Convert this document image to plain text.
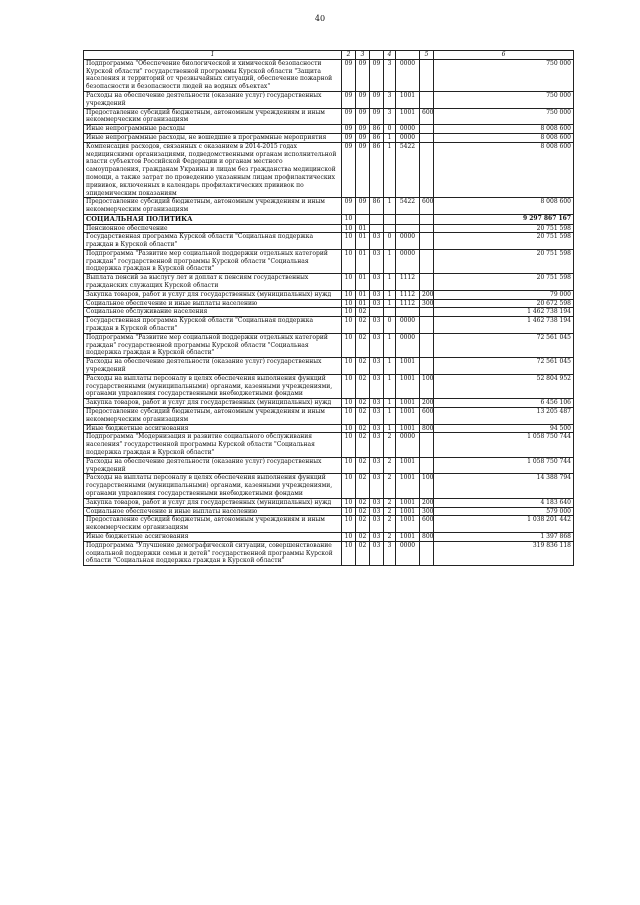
40
1	2	3		4		5	6
Подпрограмма "Обеспечение биологической и химической безопасности Курской области" государственной программы Курской области "Защита населения и территорий от чрезвычайных ситуаций, обеспечение пожарной безопасности и безопасности людей на водных объектах"	09	09	09	3	0000		750 000
Расходы на обеспечение деятельности (оказание услуг) государственных учреждений	09	09	09	3	1001		750 000
Предоставление субсидий бюджетным, автономным учреждениям и иным некоммерческим организациям	09	09	09	3	1001	600	750 000
Иные непрограммные расходы	09	09	86	0	0000		8 008 600
Иные непрограммные расходы, не вошедшие в программные мероприятия	09	09	86	1	0000		8 008 600
Компенсация расходов, связанных с оказанием в 2014-2015 годах медицинскими организациями, подведомственными органам исполнительной власти субъектов Российской Федерации и органам местного самоуправления, гражданам Украины и лицам без гражданства медицинской помощи, а также затрат по проведению указанным лицам профилактических прививок, включенных в календарь профилактических прививок по эпидемическим показаниям	09	09	86	1	5422		8 008 600
Предоставление субсидий бюджетным, автономным учреждениям и иным некоммерческим организациям	09	09	86	1	5422	600	8 008 600
СОЦИАЛЬНАЯ ПОЛИТИКА	10						9 297 867 167
Пенсионное обеспечение	10	01					20 751 598
Государственная программа Курской области "Социальная поддержка граждан в Курской области"	10	01	03	0	0000		20 751 598
Подпрограмма "Развитие мер социальной поддержки отдельных категорий граждан" государственной программы Курской области "Социальная поддержка граждан в Курской области"	10	01	03	1	0000		20 751 598
Выплата пенсий за выслугу лет и доплат к пенсиям государственных гражданских служащих Курской области	10	01	03	1	1112		20 751 598
Закупка товаров, работ и услуг для государственных (муниципальных) нужд	10	01	03	1	1112	200	79 000
Социальное обеспечение и иные выплаты населению	10	01	03	1	1112	300	20 672 598
Социальное обслуживание населения	10	02					1 462 738 194
Государственная программа Курской области "Социальная поддержка граждан в Курской области"	10	02	03	0	0000		1 462 738 194
Подпрограмма "Развитие мер социальной поддержки отдельных категорий граждан" государственной программы Курской области "Социальная поддержка граждан в Курской области"	10	02	03	1	0000		72 561 045
Расходы на обеспечение деятельности (оказание услуг) государственных учреждений	10	02	03	1	1001		72 561 045
Расходы на выплаты персоналу в целях обеспечения выполнения функций государственными (муниципальными) органами, казенными учреждениями, органами управления государственными внебюджетными фондами	10	02	03	1	1001	100	52 804 952
Закупка товаров, работ и услуг для государственных (муниципальных) нужд	10	02	03	1	1001	200	6 456 106
Предоставление субсидий бюджетным, автономным учреждениям и иным некоммерческим организациям	10	02	03	1	1001	600	13 205 487
Иные бюджетные ассигнования	10	02	03	1	1001	800	94 500
Подпрограмма "Модернизация и развитие социального обслуживания населения" государственной программы Курской области "Социальная поддержка граждан в Курской области"	10	02	03	2	0000		1 058 750 744
Расходы на обеспечение деятельности (оказание услуг) государственных учреждений	10	02	03	2	1001		1 058 750 744
Расходы на выплаты персоналу в целях обеспечения выполнения функций государственными (муниципальными) органами, казенными учреждениями, органами управления государственными внебюджетными фондами	10	02	03	2	1001	100	14 388 794
Закупка товаров, работ и услуг для государственных (муниципальных) нужд	10	02	03	2	1001	200	4 183 640
Социальное обеспечение и иные выплаты населению	10	02	03	2	1001	300	579 000
Предоставление субсидий бюджетным, автономным учреждениям и иным некоммерческим организациям	10	02	03	2	1001	600	1 038 201 442
Иные бюджетные ассигнования	10	02	03	2	1001	800	1 397 868
Подпрограмма "Улучшение демографической ситуации, совершенствование социальной поддержки семьи и детей" государственной программы Курской области "Социальная поддержка граждан в Курской области"	10	02	03	3	0000		319 836 118
